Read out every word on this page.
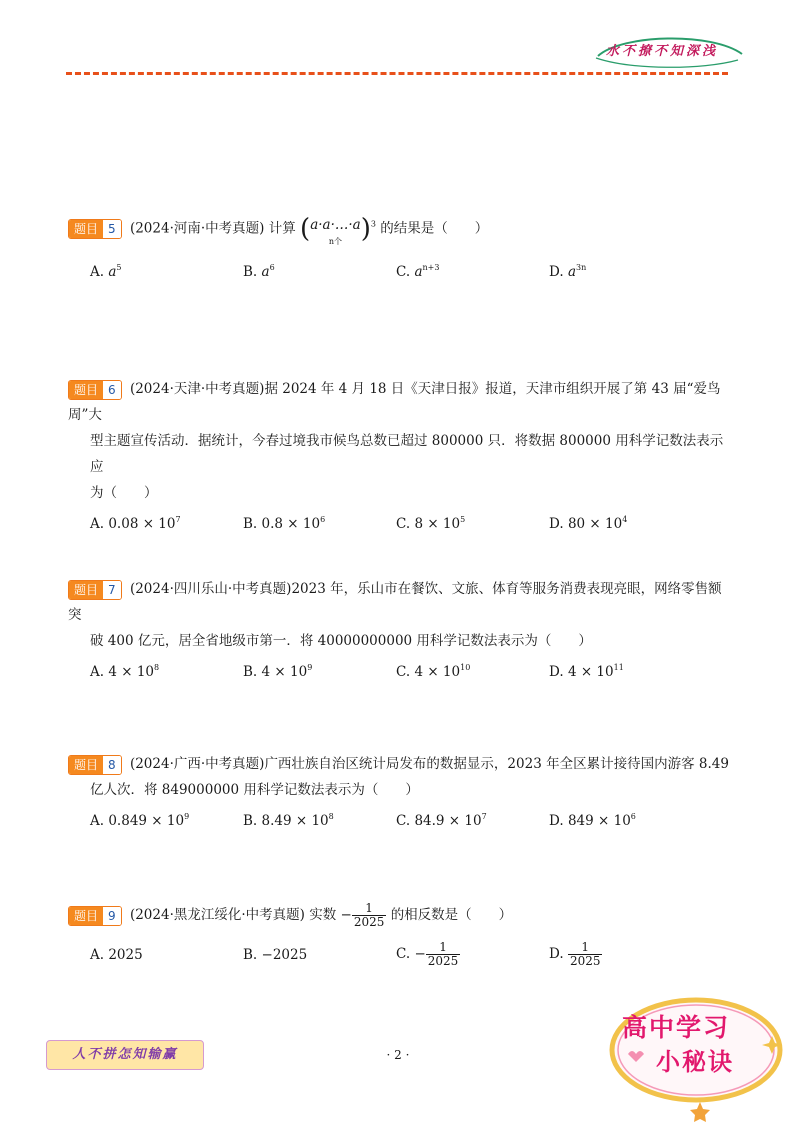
水不撩不知深浅
题目 5 (2024·河南·中考真题) 计算 ( a·a·…·a
n个 )$^3$ 的结果是（　　）
A. $a^5$	B. $a^6$	C. $a^{n+3}$	D. $a^{3n}$
题目 6 (2024·天津·中考真题)据 2024 年 4 月 18 日《天津日报》报道，天津市组织开展了第 43 届“爱鸟周”大
型主题宣传活动．据统计，今春过境我市候鸟总数已超过 800000 只．将数据 800000 用科学记数法表示应
为（　　）
A. $0.08 \times 10^7$	B. $0.8 \times 10^6$	C. $8 \times 10^5$	D. $80 \times 10^4$
题目 7 (2024·四川乐山·中考真题)2023 年，乐山市在餐饮、文旅、体育等服务消费表现亮眼，网络零售额突
破 400 亿元，居全省地级市第一．将 40000000000 用科学记数法表示为（　　）
A. $4 \times 10^8$	B. $4 \times 10^9$	C. $4 \times 10^{10}$	D. $4 \times 10^{11}$
题目 8 (2024·广西·中考真题)广西壮族自治区统计局发布的数据显示，2023 年全区累计接待国内游客 8.49
亿人次．将 849000000 用科学记数法表示为（　　）
A. $0.849 \times 10^9$	B. $8.49 \times 10^8$	C. $84.9 \times 10^7$	D. $849 \times 10^6$
题目 9 (2024·黑龙江绥化·中考真题) 实数 − $\frac{1}{2025}$ 的相反数是（　　）
A. 2025	B. −2025	C. − $\frac{1}{2025}$	D. $\frac{1}{2025}$
人不拼怎知输赢	· 2 ·
高中学习
小秘诀
